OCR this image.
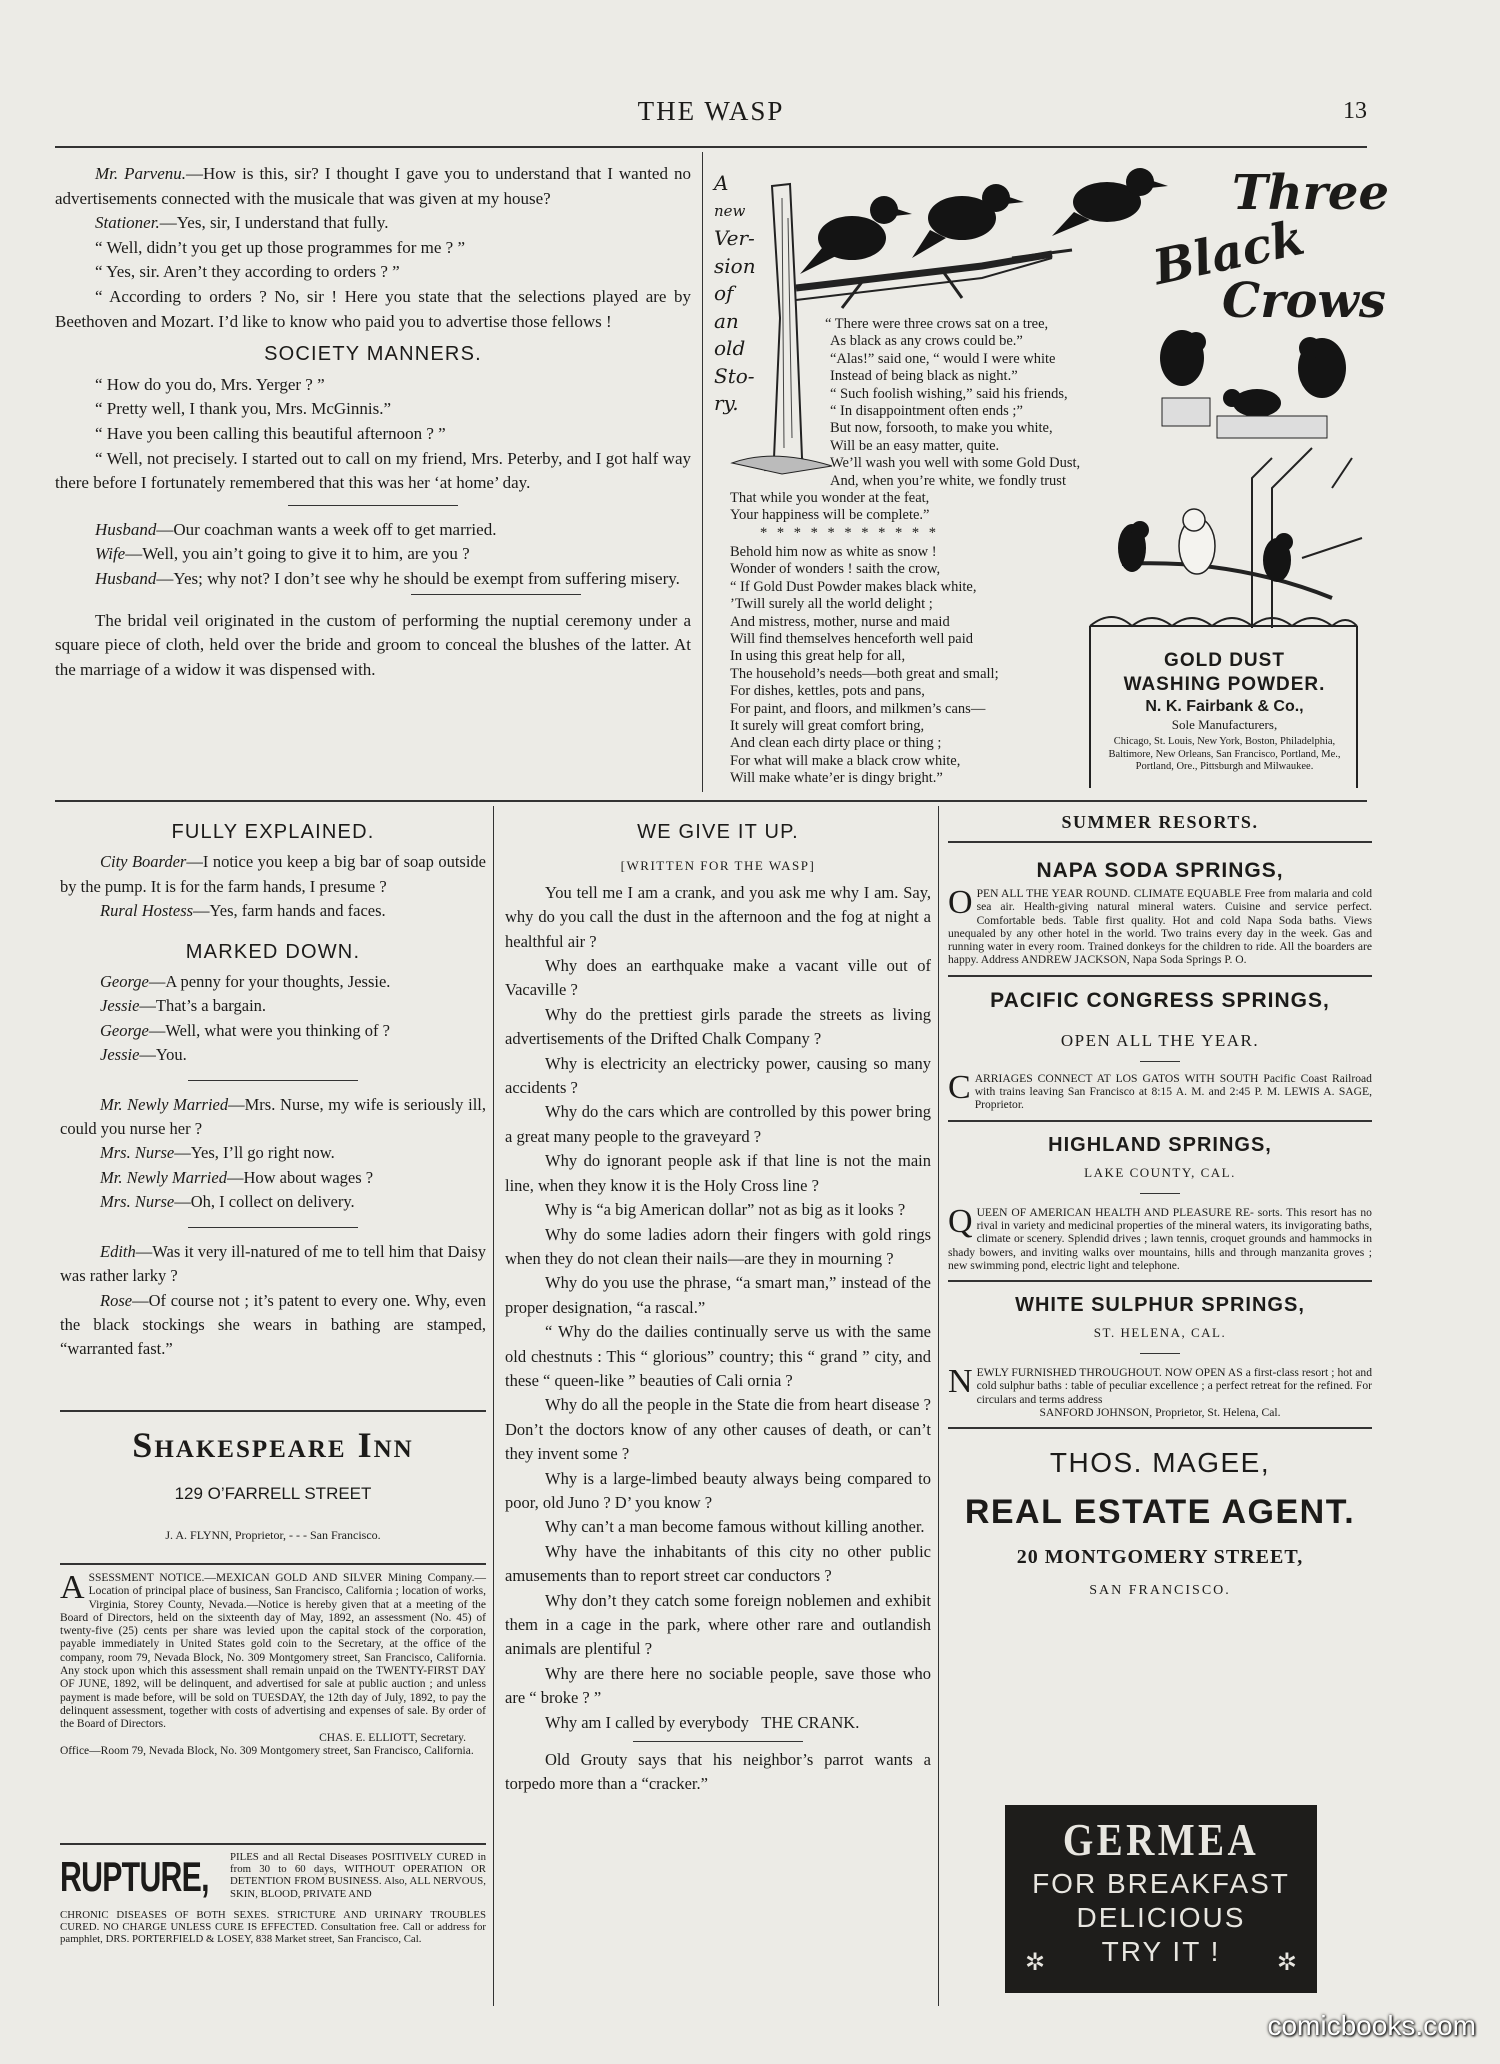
THE WASP	13

Mr. Parvenu.—How is this, sir? I thought I gave you to understand that I wanted no advertisements connected with the musicale that was given at my house?

Stationer.—Yes, sir, I understand that fully.

“ Well, didn’t you get up those programmes for me ? ”

“ Yes, sir. Aren’t they according to orders ? ”

“ According to orders ? No, sir ! Here you state that the selections played are by Beethoven and Mozart. I’d like to know who paid you to advertise those fellows !

SOCIETY MANNERS.

“ How do you do, Mrs. Yerger ? ”

“ Pretty well, I thank you, Mrs. McGinnis.”

“ Have you been calling this beautiful afternoon ? ”

“ Well, not precisely. I started out to call on my friend, Mrs. Peterby, and I got half way there before I fortunately remembered that this was her ‘at home’ day.

Husband—Our coachman wants a week off to get married.

Wife—Well, you ain’t going to give it to him, are you ?

Husband—Yes; why not? I don’t see why he should be exempt from suffering misery.

The bridal veil originated in the custom of performing the nuptial ceremony under a square piece of cloth, held over the bride and groom to conceal the blushes of the latter. At the marriage of a widow it was dispensed with.

A
new
Ver-
sion
of
an
old
Sto-
ry.
Three
Black
Crows
“ There were three crows sat on a tree,
As black as any crows could be.”
“Alas!” said one, “ would I were white
Instead of being black as night.”
“ Such foolish wishing,” said his friends,
“ In disappointment often ends ;”
But now, forsooth, to make you white,
Will be an easy matter, quite.
We’ll wash you well with some Gold Dust,
And, when you’re white, we fondly trust
That while you wonder at the feat,
Your happiness will be complete.”
* * * * * * * * * * *
Behold him now as white as snow !
Wonder of wonders ! saith the crow,
“ If Gold Dust Powder makes black white,
’Twill surely all the world delight ;
And mistress, mother, nurse and maid
Will find themselves henceforth well paid
In using this great help for all,
The household’s needs—both great and small;
For dishes, kettles, pots and pans,
For paint, and floors, and milkmen’s cans—
It surely will great comfort bring,
And clean each dirty place or thing ;
For what will make a black crow white,
Will make whate’er is dingy bright.”
GOLD DUST
WASHING POWDER.
N. K. Fairbank & Co.,
Sole Manufacturers,
Chicago, St. Louis, New York, Boston, Philadelphia, Baltimore, New Orleans, San Francisco, Portland, Me., Portland, Ore., Pittsburgh and Milwaukee.
FULLY EXPLAINED.

City Boarder—I notice you keep a big bar of soap outside by the pump. It is for the farm hands, I presume ?

Rural Hostess—Yes, farm hands and faces.

MARKED DOWN.

George—A penny for your thoughts, Jessie.

Jessie—That’s a bargain.

George—Well, what were you thinking of ?

Jessie—You.

Mr. Newly Married—Mrs. Nurse, my wife is seriously ill, could you nurse her ?

Mrs. Nurse—Yes, I’ll go right now.

Mr. Newly Married—How about wages ?

Mrs. Nurse—Oh, I collect on delivery.

Edith—Was it very ill-natured of me to tell him that Daisy was rather larky ?

Rose—Of course not ; it’s patent to every one. Why, even the black stockings she wears in bathing are stamped, “warranted fast.”

Shakespeare Inn
129 O’FARRELL STREET
J. A. FLYNN, Proprietor, - - - San Francisco.
ASSESSMENT NOTICE.—MEXICAN GOLD AND SILVER Mining Company.—Location of principal place of business, San Francisco, California ; location of works, Virginia, Storey County, Nevada.—Notice is hereby given that at a meeting of the Board of Directors, held on the sixteenth day of May, 1892, an assessment (No. 45) of twenty-five (25) cents per share was levied upon the capital stock of the corporation, payable immediately in United States gold coin to the Secretary, at the office of the company, room 79, Nevada Block, No. 309 Montgomery street, San Francisco, California. Any stock upon which this assessment shall remain unpaid on the TWENTY-FIRST DAY OF JUNE, 1892, will be delinquent, and advertised for sale at public auction ; and unless payment is made before, will be sold on TUESDAY, the 12th day of July, 1892, to pay the delinquent assessment, together with costs of advertising and expenses of sale. By order of the Board of Directors.
CHAS. E. ELLIOTT, Secretary.
Office—Room 79, Nevada Block, No. 309 Montgomery street, San Francisco, California.
RUPTURE, PILES and all Rectal Diseases POSITIVELY CURED in from 30 to 60 days, WITHOUT OPERATION OR DETENTION FROM BUSINESS. Also, ALL NERVOUS, SKIN, BLOOD, PRIVATE AND
CHRONIC DISEASES OF BOTH SEXES. STRICTURE AND URINARY TROUBLES CURED. NO CHARGE UNLESS CURE IS EFFECTED. Consultation free. Call or address for pamphlet, DRS. PORTERFIELD & LOSEY, 838 Market street, San Francisco, Cal.
WE GIVE IT UP.
[WRITTEN FOR THE WASP]

You tell me I am a crank, and you ask me why I am. Say, why do you call the dust in the afternoon and the fog at night a healthful air ?

Why does an earthquake make a vacant ville out of Vacaville ?

Why do the prettiest girls parade the streets as living advertisements of the Drifted Chalk Company ?

Why is electricity an electricky power, causing so many accidents ?

Why do the cars which are controlled by this power bring a great many people to the graveyard ?

Why do ignorant people ask if that line is not the main line, when they know it is the Holy Cross line ?

Why is “a big American dollar” not as big as it looks ?

Why do some ladies adorn their fingers with gold rings when they do not clean their nails—are they in mourning ?

Why do you use the phrase, “a smart man,” instead of the proper designation, “a rascal.”

“ Why do the dailies continually serve us with the same old chestnuts : This “ glorious” country; this “ grand ” city, and these “ queen-like ” beauties of Cali ornia ?

Why do all the people in the State die from heart disease ? Don’t the doctors know of any other causes of death, or can’t they invent some ?

Why is a large-limbed beauty always being compared to poor, old Juno ? D’ you know ?

Why can’t a man become famous without killing another.

Why have the inhabitants of this city no other public amusements than to report street car conductors ?

Why don’t they catch some foreign noblemen and exhibit them in a cage in the park, where other rare and outlandish animals are plentiful ?

Why are there here no sociable people, save those who are “ broke ? ”

Why am I called by everybody THE CRANK.

Old Grouty says that his neighbor’s parrot wants a torpedo more than a “cracker.”

SUMMER RESORTS.
NAPA SODA SPRINGS,
OPEN ALL THE YEAR ROUND. CLIMATE EQUABLE Free from malaria and cold sea air. Health-giving natural mineral waters. Cuisine and service perfect. Comfortable beds. Table first quality. Hot and cold Napa Soda baths. Views unequaled by any other hotel in the world. Two trains every day in the week. Gas and running water in every room. Trained donkeys for the children to ride. All the boarders are happy. Address ANDREW JACKSON, Napa Soda Springs P. O.
PACIFIC CONGRESS SPRINGS,
OPEN ALL THE YEAR.
CARRIAGES CONNECT AT LOS GATOS WITH SOUTH Pacific Coast Railroad with trains leaving San Francisco at 8:15 A. M. and 2:45 P. M. LEWIS A. SAGE, Proprietor.
HIGHLAND SPRINGS,
LAKE COUNTY, CAL.
QUEEN OF AMERICAN HEALTH AND PLEASURE RE- sorts. This resort has no rival in variety and medicinal properties of the mineral waters, its invigorating baths, climate or scenery. Splendid drives ; lawn tennis, croquet grounds and hammocks in shady bowers, and inviting walks over mountains, hills and through manzanita groves ; new swimming pond, electric light and telephone.
WHITE SULPHUR SPRINGS,
ST. HELENA, CAL.
NEWLY FURNISHED THROUGHOUT. NOW OPEN AS a first-class resort ; hot and cold sulphur baths : table of peculiar excellence ; a perfect retreat for the refined. For circulars and terms address
SANFORD JOHNSON, Proprietor, St. Helena, Cal.
THOS. MAGEE,
REAL ESTATE AGENT.
20 MONTGOMERY STREET,
SAN FRANCISCO.
GERMEA
FOR BREAKFAST
DELICIOUS
TRY IT !
✲	✲
comicbooks.com
